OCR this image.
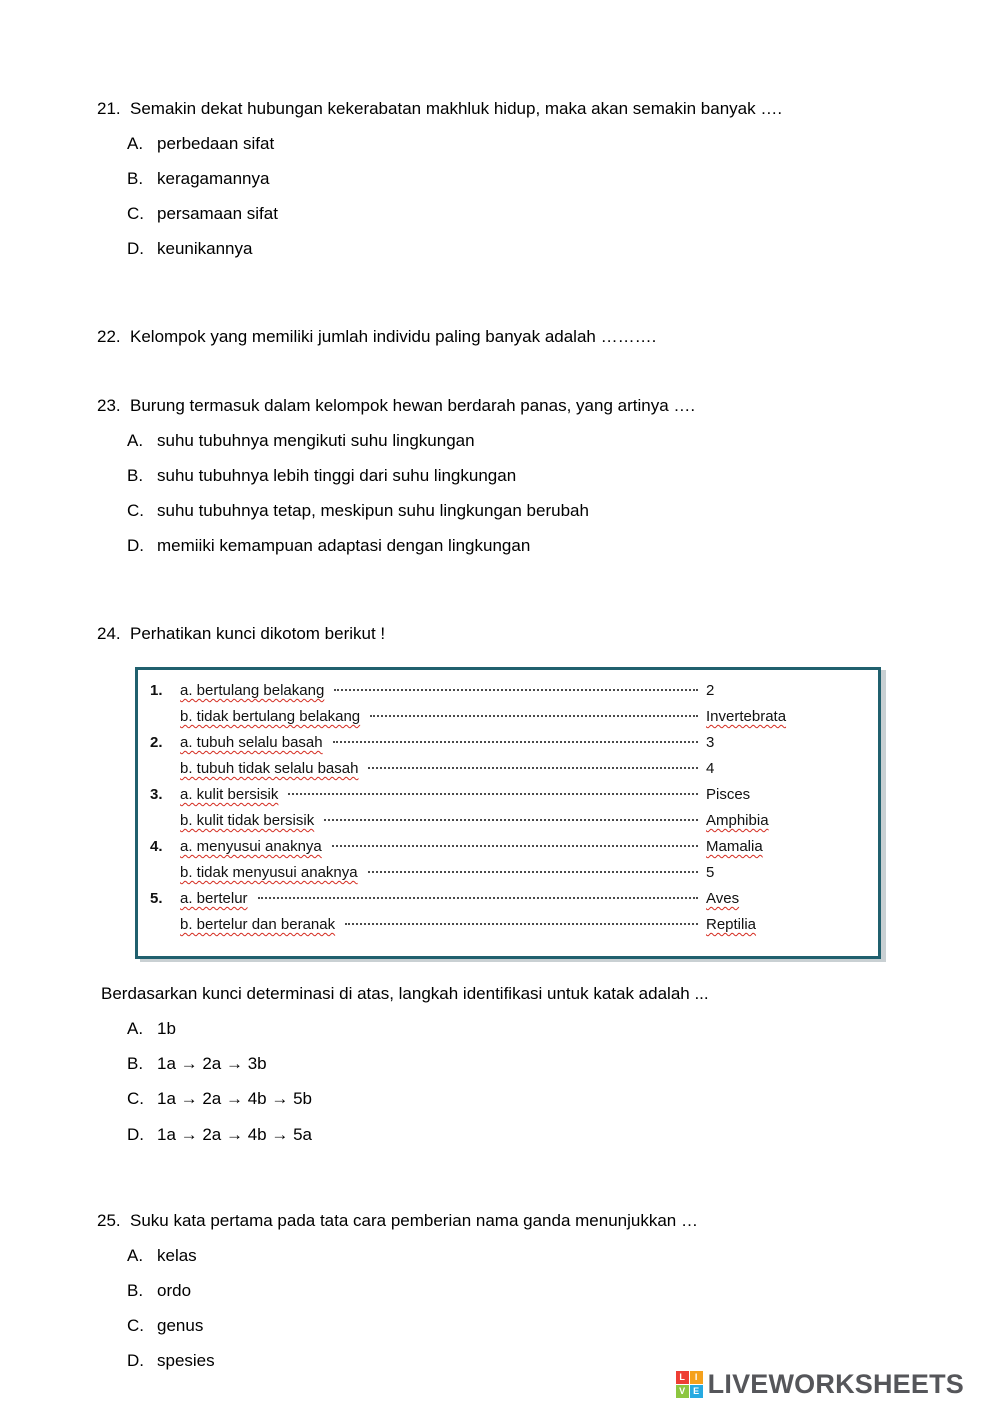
21. Semakin dekat hubungan kekerabatan makhluk hidup, maka akan semakin banyak ….
A. perbedaan sifat
B. keragamannya
C. persamaan sifat
D. keunikannya
22. Kelompok yang memiliki jumlah individu paling banyak adalah ……….
23. Burung termasuk dalam kelompok hewan berdarah panas, yang artinya ….
A. suhu tubuhnya mengikuti suhu lingkungan
B. suhu tubuhnya lebih tinggi dari suhu lingkungan
C. suhu tubuhnya tetap, meskipun suhu lingkungan berubah
D. memiiki kemampuan adaptasi dengan lingkungan
24. Perhatikan kunci dikotom berikut !
1.	a. bertulang belakang	2
b. tidak bertulang belakang	Invertebrata
2.	a. tubuh selalu basah	3
b. tubuh tidak selalu basah	4
3.	a. kulit bersisik	Pisces
b. kulit tidak bersisik	Amphibia
4.	a. menyusui anaknya	Mamalia
b. tidak menyusui anaknya	5
5.	a. bertelur	Aves
b. bertelur dan beranak	Reptilia
Berdasarkan kunci determinasi di atas, langkah identifikasi untuk katak adalah ...
A. 1b
B. 1a → 2a → 3b
C. 1a → 2a → 4b → 5b
D. 1a → 2a → 4b → 5a
25. Suku kata pertama pada tata cara pemberian nama ganda menunjukkan …
A. kelas
B. ordo
C. genus
D. spesies
L	I
V E LIVEWORKSHEETS
